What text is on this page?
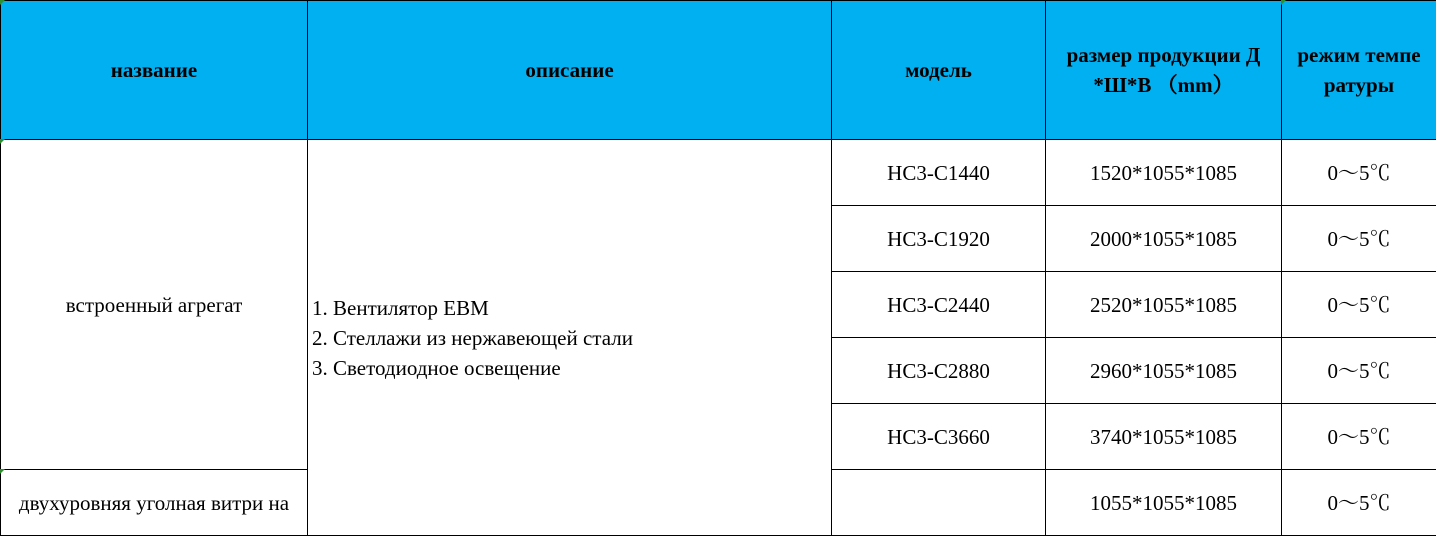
название	описание	модель	размер продукции Д *Ш*В （mm）	режим темпе ратуры
встроенный агрегат	1. Вентилятор EBM
2. Стеллажи из нержавеющей стали
3. Светодиодное освещение	HC3-C1440	1520*1055*1085	0～5℃
		HC3-C1920	2000*1055*1085	0～5℃
		HC3-C2440	2520*1055*1085	0～5℃
		HC3-C2880	2960*1055*1085	0～5℃
		HC3-C3660	3740*1055*1085	0～5℃
двухуровняя уголная витри на			1055*1055*1085	0～5℃
